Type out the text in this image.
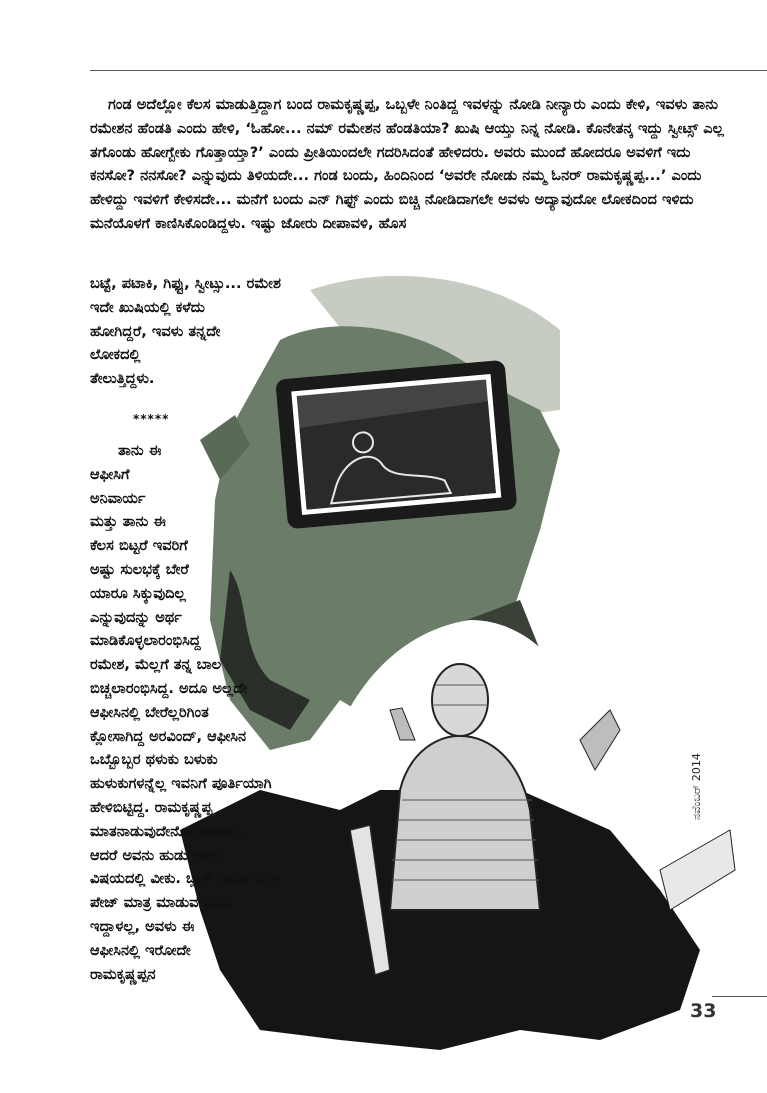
ಗಂಡ ಅದೆಲ್ಲೋ ಕೆಲಸ ಮಾಡುತ್ತಿದ್ದಾಗ ಬಂದ ರಾಮಕೃಷ್ಣಪ್ಪ, ಒಬ್ಬಳೇ ನಿಂತಿದ್ದ ಇವಳನ್ನು ನೋಡಿ ನೀನ್ಯಾರು ಎಂದು ಕೇಳಿ, ಇವಳು ತಾನು ರಮೇಶನ ಹೆಂಡತಿ ಎಂದು ಹೇಳಿ, ‘ಓಹೋ... ನಮ್ ರಮೇಶನ ಹೆಂಡತಿಯಾ? ಖುಷಿ ಆಯ್ತು ನಿನ್ನ ನೋಡಿ. ಕೊನೇತನ್ಕ ಇದ್ದು ಸ್ವೀಟ್ಸ್ ಎಲ್ಲ ತಗೊಂಡು ಹೋಗ್ಬೇಕು ಗೊತ್ತಾಯ್ತಾ?’ ಎಂದು ಪ್ರೀತಿಯಿಂದಲೇ ಗದರಿಸಿದಂತೆ ಹೇಳಿದರು. ಅವರು ಮುಂದೆ ಹೋದರೂ ಅವಳಿಗೆ ಇದು ಕನಸೋ? ನನಸೋ? ಎನ್ನುವುದು ತಿಳಿಯದೇ... ಗಂಡ ಬಂದು, ಹಿಂದಿನಿಂದ ‘ಅವರೇ ನೋಡು ನಮ್ಮ ಓನರ್ ರಾಮಕೃಷ್ಣಪ್ಪ...’ ಎಂದು ಹೇಳಿದ್ದು ಇವಳಿಗೆ ಕೇಳಿಸದೇ... ಮನೆಗೆ ಬಂದು ಎನ್ ಗಿಫ್ಟ್ ಎಂದು ಬಿಚ್ಚಿ ನೋಡಿದಾಗಲೇ ಅವಳು ಅದ್ಯಾವುದೋ ಲೋಕದಿಂದ ಇಳಿದು ಮನೆಯೊಳಗೆ ಕಾಣಿಸಿಕೊಂಡಿದ್ದಳು. ಇಷ್ಟು ಜೋರು ದೀಪಾವಳಿ, ಹೊಸ
ಬಟ್ಟೆ, ಪಟಾಕಿ, ಗಿಫ್ಟು, ಸ್ವೀಟ್ಸು... ರಮೇಶ
ಇದೇ ಖುಷಿಯಲ್ಲಿ ಕಳೆದು
ಹೋಗಿದ್ದರೆ, ಇವಳು ತನ್ನದೇ
ಲೋಕದಲ್ಲಿ
ತೇಲುತ್ತಿದ್ದಳು.
*****
ತಾನು ಈ
ಆಫೀಸಿಗೆ
ಅನಿವಾರ್ಯ
ಮತ್ತು ತಾನು ಈ
ಕೆಲಸ ಬಿಟ್ಟರೆ ಇವರಿಗೆ
ಅಷ್ಟು ಸುಲಭಕ್ಕೆ ಬೇರೆ
ಯಾರೂ ಸಿಕ್ಕುವುದಿಲ್ಲ
ಎನ್ನುವುದನ್ನು ಅರ್ಥ
ಮಾಡಿಕೊಳ್ಳಲಾರಂಭಿಸಿದ್ದ
ರಮೇಶ, ಮೆಲ್ಲಗೆ ತನ್ನ ಬಾಲ
ಬಿಚ್ಚಲಾರಂಭಿಸಿದ್ದ. ಅದೂ ಅಲ್ಲದೇ
ಆಫೀಸಿನಲ್ಲಿ ಬೇರೆಲ್ಲರಿಗಿಂತ
ಕ್ಲೋಸಾಗಿದ್ದ ಅರವಿಂದ್, ಆಫೀಸಿನ
ಒಬ್ಬೊಬ್ಬರ ಥಳುಕು ಬಳುಕು
ಹುಳುಕುಗಳನ್ನೆಲ್ಲ ಇವನಿಗೆ ಪೂರ್ತಿಯಾಗಿ
ಹೇಳಿಬಿಟ್ಟಿದ್ದ. ರಾಮಕೃಷ್ಣಪ್ಪ
ಮಾತನಾಡುವುದೇನೋ ಚೆಂದವೇ,
ಆದರೆ ಅವನು ಹುಡುಗಿಯರ
ವಿಷಯದಲ್ಲಿ ವೀಕು. ಬ್ಲಾಕ್ ಅಂಡ್ ವೈಟ್
ಪೇಜ್ ಮಾತ್ರ ಮಾಡುವ ವನಜ
ಇದ್ದಾಳಲ್ಲ, ಅವಳು ಈ
ಆಫೀಸಿನಲ್ಲಿ ಇರೋದೇ
ರಾಮಕೃಷ್ಣಪ್ಪನ
ನವೆಂಬರ್ 2014
33
